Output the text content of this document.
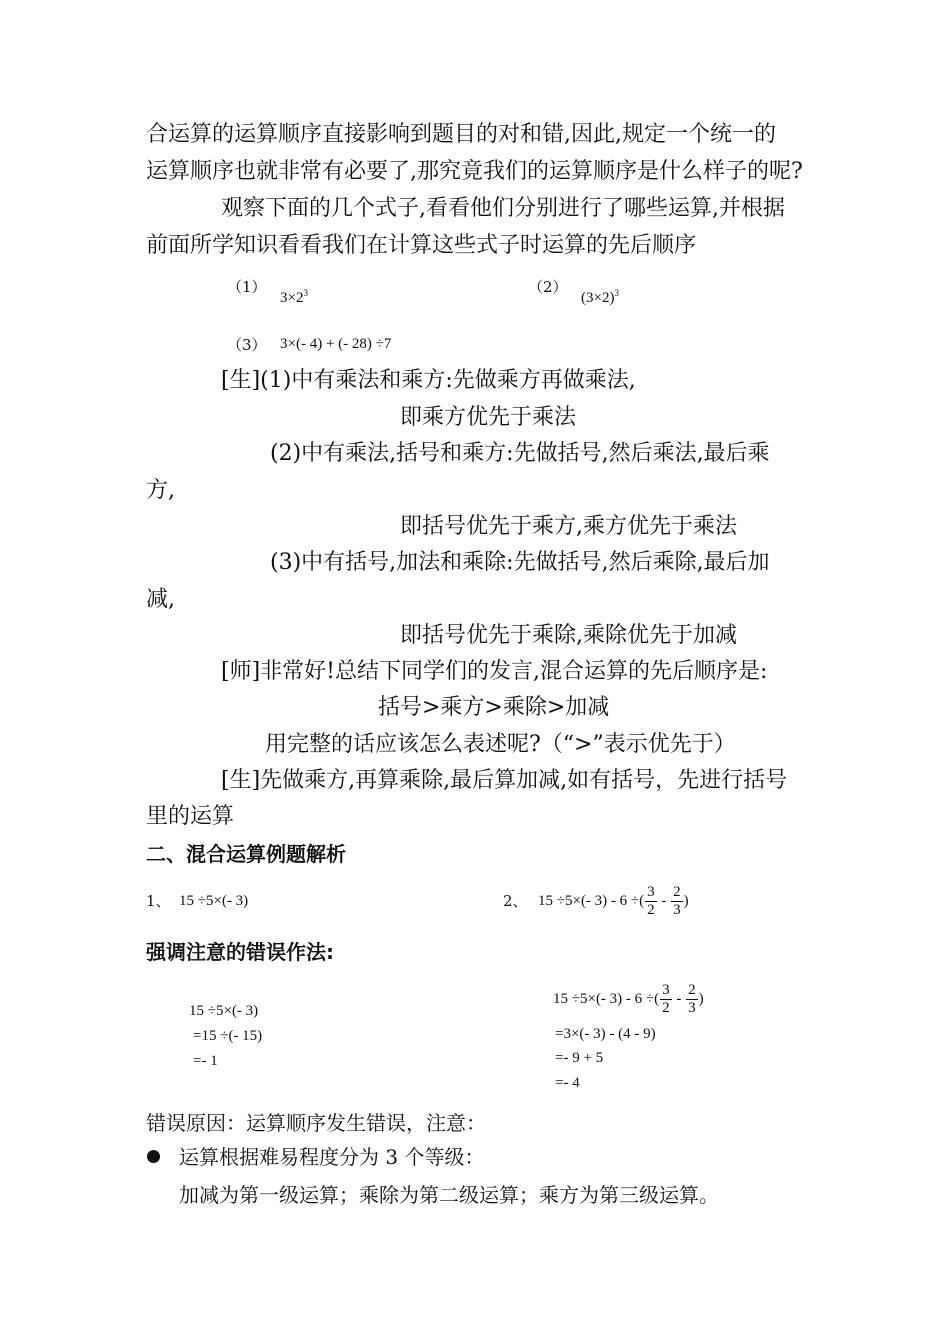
合运算的运算顺序直接影响到题目的对和错,因此,规定一个统一的
运算顺序也就非常有必要了,那究竟我们的运算顺序是什么样子的呢?
观察下面的几个式子,看看他们分别进行了哪些运算,并根据
前面所学知识看看我们在计算这些式子时运算的先后顺序
（1）
$3\times 2^3$	（2）
$(3\times 2)^3$
（3） 3×(- 4) + (- 28) ÷7
[生](1)中有乘法和乘方:先做乘方再做乘法,
即乘方优先于乘法
(2)中有乘法,括号和乘方:先做括号,然后乘法,最后乘
方,
即括号优先于乘方,乘方优先于乘法
(3)中有括号,加法和乘除:先做括号,然后乘除,最后加
减,
即括号优先于乘除,乘除优先于加减
[师]非常好!总结下同学们的发言,混合运算的先后顺序是:
括号>乘方>乘除>加减
用完整的话应该怎么表述呢?（“>”表示优先于）
[生]先做乘方,再算乘除,最后算加减,如有括号，先进行括号
里的运算
二、混合运算例题解析
1、 15 ÷5×(- 3)	2、 15 ÷5×(- 3) - 6 ÷( $\frac{3}{2} - \frac{2}{3}$ )
强调注意的错误作法:
15 ÷5×(- 3)
=15 ÷(- 15)
=- 1
15 ÷5×(- 3) - 6 ÷( $\frac{3}{2} - \frac{2}{3}$ )
=3×(- 3) - (4 - 9)
=- 9 + 5
=- 4
错误原因：运算顺序发生错误，注意：
运算根据难易程度分为 3 个等级：
加减为第一级运算；乘除为第二级运算；乘方为第三级运算。
